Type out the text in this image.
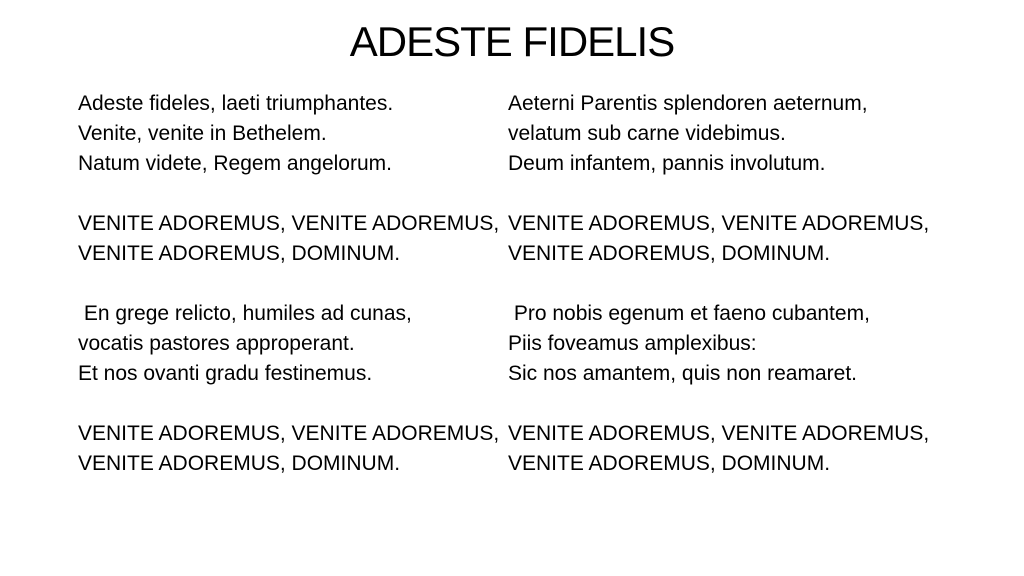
ADESTE FIDELIS
Adeste fideles, laeti triumphantes.
Venite, venite in Bethelem.
Natum videte, Regem angelorum.
VENITE ADOREMUS, VENITE ADOREMUS,
VENITE ADOREMUS, DOMINUM.
En grege relicto, humiles ad cunas,
vocatis pastores approperant.
Et nos ovanti gradu festinemus.
VENITE ADOREMUS, VENITE ADOREMUS,
VENITE ADOREMUS, DOMINUM.
Aeterni Parentis splendoren aeternum,
velatum sub carne videbimus.
Deum infantem, pannis involutum.
VENITE ADOREMUS, VENITE ADOREMUS,
VENITE ADOREMUS, DOMINUM.
Pro nobis egenum et faeno cubantem,
Piis foveamus amplexibus:
Sic nos amantem, quis non reamaret.
VENITE ADOREMUS, VENITE ADOREMUS,
VENITE ADOREMUS, DOMINUM.
